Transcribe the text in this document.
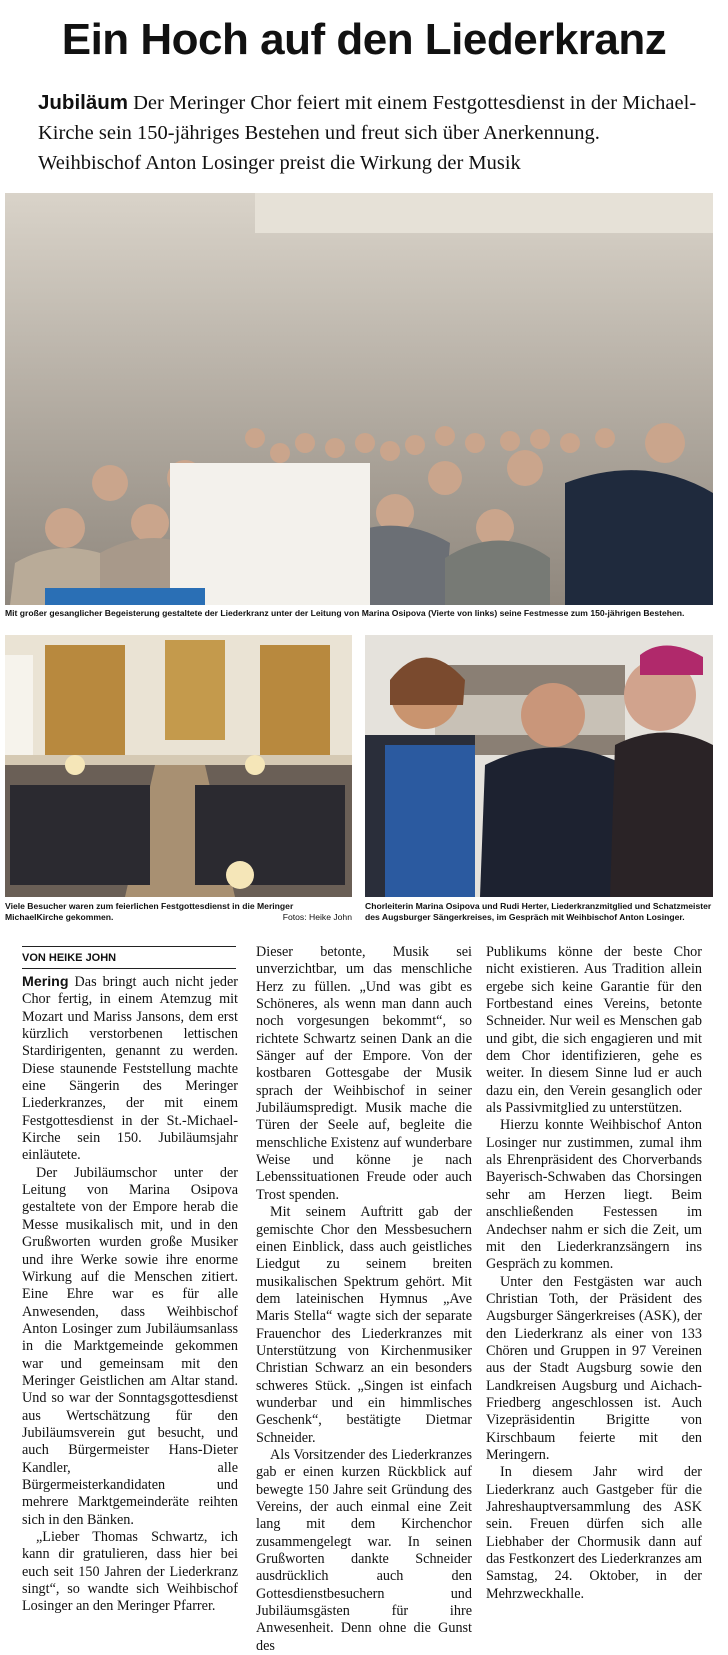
Ein Hoch auf den Liederkranz
Jubiläum Der Meringer Chor feiert mit einem Festgottesdienst in der Michael-Kirche sein 150-jähriges Bestehen und freut sich über Anerkennung. Weihbischof Anton Losinger preist die Wirkung der Musik
Mit großer gesanglicher Begeisterung gestaltete der Liederkranz unter der Leitung von Marina Osipova (Vierte von links) seine Festmesse zum 150-jährigen Bestehen.
Viele Besucher waren zum feierlichen Festgottesdienst in die Meringer MichaelKirche gekommen.	Fotos: Heike John
Chorleiterin Marina Osipova und Rudi Herter, Liederkranzmitglied und Schatzmeister des Augsburger Sängerkreises, im Gespräch mit Weihbischof Anton Losinger.
VON HEIKE JOHN

Mering Das bringt auch nicht jeder Chor fertig, in einem Atemzug mit Mozart und Mariss Jansons, dem erst kürzlich verstorbenen lettischen Stardirigenten, genannt zu werden. Diese staunende Feststellung machte eine Sängerin des Meringer Liederkranzes, der mit einem Festgottesdienst in der St.-Michael-Kirche sein 150. Jubiläumsjahr einläutete.

Der Jubiläumschor unter der Leitung von Marina Osipova gestaltete von der Empore herab die Messe musikalisch mit, und in den Grußworten wurden große Musiker und ihre Werke sowie ihre enorme Wirkung auf die Menschen zitiert. Eine Ehre war es für alle Anwesenden, dass Weihbischof Anton Losinger zum Jubiläumsanlass in die Marktgemeinde gekommen war und gemeinsam mit den Meringer Geistlichen am Altar stand. Und so war der Sonntagsgottesdienst aus Wertschätzung für den Jubiläumsverein gut besucht, und auch Bürgermeister Hans-Dieter Kandler, alle Bürgermeisterkandidaten und mehrere Marktgemeinderäte reihten sich in den Bänken.

„Lieber Thomas Schwartz, ich kann dir gratulieren, dass hier bei euch seit 150 Jahren der Liederkranz singt“, so wandte sich Weihbischof Losinger an den Meringer Pfarrer.

Dieser betonte, Musik sei unverzichtbar, um das menschliche Herz zu füllen. „Und was gibt es Schöneres, als wenn man dann auch noch vorgesungen bekommt“, so richtete Schwartz seinen Dank an die Sänger auf der Empore. Von der kostbaren Gottesgabe der Musik sprach der Weihbischof in seiner Jubiläumspredigt. Musik mache die Türen der Seele auf, begleite die menschliche Existenz auf wunderbare Weise und könne je nach Lebenssituationen Freude oder auch Trost spenden.

Mit seinem Auftritt gab der gemischte Chor den Messbesuchern einen Einblick, dass auch geistliches Liedgut zu seinem breiten musikalischen Spektrum gehört. Mit dem lateinischen Hymnus „Ave Maris Stella“ wagte sich der separate Frauenchor des Liederkranzes mit Unterstützung von Kirchenmusiker Christian Schwarz an ein besonders schweres Stück. „Singen ist einfach wunderbar und ein himmlisches Geschenk“, bestätigte Dietmar Schneider.

Als Vorsitzender des Liederkranzes gab er einen kurzen Rückblick auf bewegte 150 Jahre seit Gründung des Vereins, der auch einmal eine Zeit lang mit dem Kirchenchor zusammengelegt war. In seinen Grußworten dankte Schneider ausdrücklich auch den Gottesdienstbesuchern und Jubiläumsgästen für ihre Anwesenheit. Denn ohne die Gunst des

Publikums könne der beste Chor nicht existieren. Aus Tradition allein ergebe sich keine Garantie für den Fortbestand eines Vereins, betonte Schneider. Nur weil es Menschen gab und gibt, die sich engagieren und mit dem Chor identifizieren, gehe es weiter. In diesem Sinne lud er auch dazu ein, den Verein gesanglich oder als Passivmitglied zu unterstützen.

Hierzu konnte Weihbischof Anton Losinger nur zustimmen, zumal ihm als Ehrenpräsident des Chorverbands Bayerisch-Schwaben das Chorsingen sehr am Herzen liegt. Beim anschließenden Festessen im Andechser nahm er sich die Zeit, um mit den Liederkranzsängern ins Gespräch zu kommen.

Unter den Festgästen war auch Christian Toth, der Präsident des Augsburger Sängerkreises (ASK), der den Liederkranz als einer von 133 Chören und Gruppen in 97 Vereinen aus der Stadt Augsburg sowie den Landkreisen Augsburg und Aichach-Friedberg angeschlossen ist. Auch Vizepräsidentin Brigitte von Kirschbaum feierte mit den Meringern.

In diesem Jahr wird der Liederkranz auch Gastgeber für die Jahreshauptversammlung des ASK sein. Freuen dürfen sich alle Liebhaber der Chormusik dann auf das Festkonzert des Liederkranzes am Samstag, 24. Oktober, in der Mehrzweckhalle.
